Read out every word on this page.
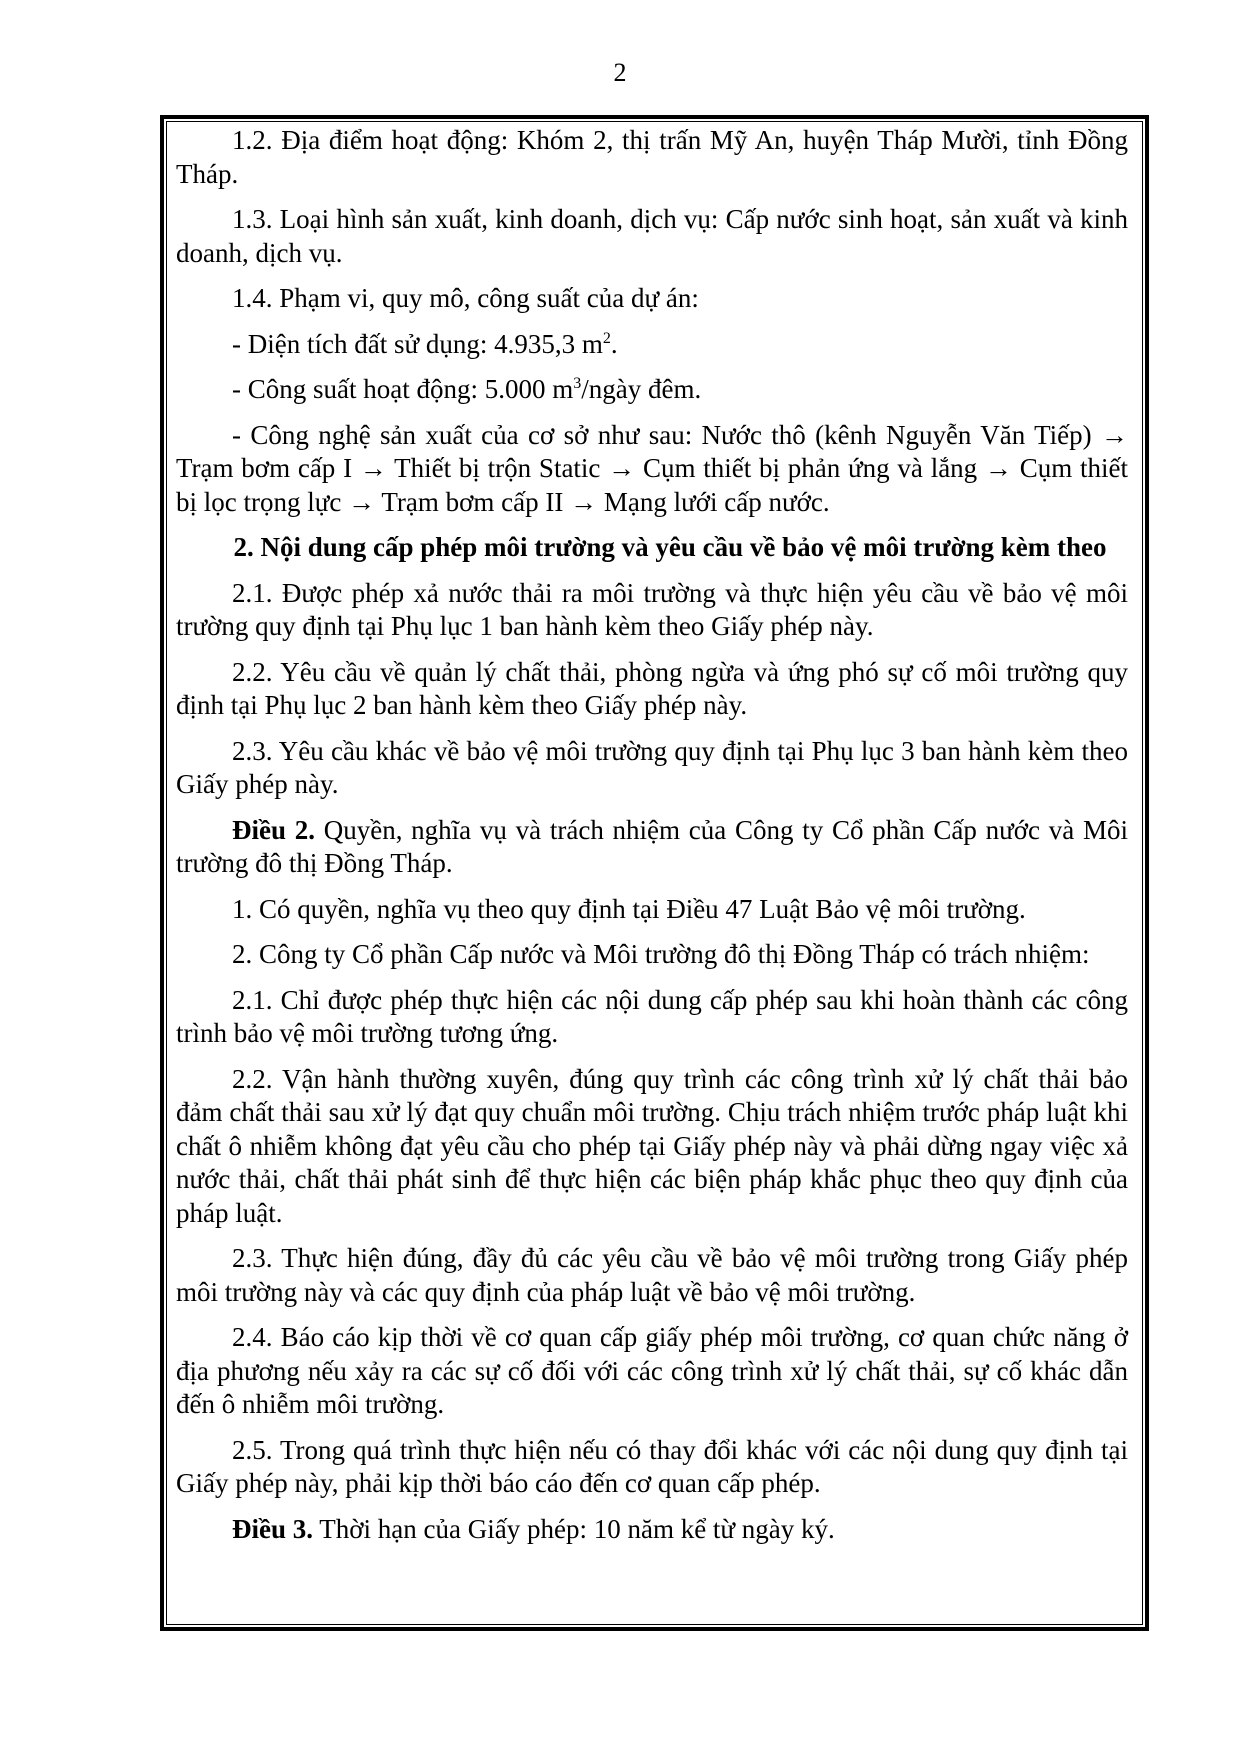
2

1.2. Địa điểm hoạt động: Khóm 2, thị trấn Mỹ An, huyện Tháp Mười, tỉnh Đồng Tháp.

1.3. Loại hình sản xuất, kinh doanh, dịch vụ: Cấp nước sinh hoạt, sản xuất và kinh doanh, dịch vụ.

1.4. Phạm vi, quy mô, công suất của dự án:

- Diện tích đất sử dụng: 4.935,3 $m^2$.

- Công suất hoạt động: 5.000 $m^3$/ngày đêm.

- Công nghệ sản xuất của cơ sở như sau: Nước thô (kênh Nguyễn Văn Tiếp) → Trạm bơm cấp I → Thiết bị trộn Static → Cụm thiết bị phản ứng và lắng → Cụm thiết bị lọc trọng lực → Trạm bơm cấp II → Mạng lưới cấp nước.

2. Nội dung cấp phép môi trường và yêu cầu về bảo vệ môi trường kèm theo

2.1. Được phép xả nước thải ra môi trường và thực hiện yêu cầu về bảo vệ môi trường quy định tại Phụ lục 1 ban hành kèm theo Giấy phép này.

2.2. Yêu cầu về quản lý chất thải, phòng ngừa và ứng phó sự cố môi trường quy định tại Phụ lục 2 ban hành kèm theo Giấy phép này.

2.3. Yêu cầu khác về bảo vệ môi trường quy định tại Phụ lục 3 ban hành kèm theo Giấy phép này.

Điều 2. Quyền, nghĩa vụ và trách nhiệm của Công ty Cổ phần Cấp nước và Môi trường đô thị Đồng Tháp.

1. Có quyền, nghĩa vụ theo quy định tại Điều 47 Luật Bảo vệ môi trường.

2. Công ty Cổ phần Cấp nước và Môi trường đô thị Đồng Tháp có trách nhiệm:

2.1. Chỉ được phép thực hiện các nội dung cấp phép sau khi hoàn thành các công trình bảo vệ môi trường tương ứng.

2.2. Vận hành thường xuyên, đúng quy trình các công trình xử lý chất thải bảo đảm chất thải sau xử lý đạt quy chuẩn môi trường. Chịu trách nhiệm trước pháp luật khi chất ô nhiễm không đạt yêu cầu cho phép tại Giấy phép này và phải dừng ngay việc xả nước thải, chất thải phát sinh để thực hiện các biện pháp khắc phục theo quy định của pháp luật.

2.3. Thực hiện đúng, đầy đủ các yêu cầu về bảo vệ môi trường trong Giấy phép môi trường này và các quy định của pháp luật về bảo vệ môi trường.

2.4. Báo cáo kịp thời về cơ quan cấp giấy phép môi trường, cơ quan chức năng ở địa phương nếu xảy ra các sự cố đối với các công trình xử lý chất thải, sự cố khác dẫn đến ô nhiễm môi trường.

2.5. Trong quá trình thực hiện nếu có thay đổi khác với các nội dung quy định tại Giấy phép này, phải kịp thời báo cáo đến cơ quan cấp phép.

Điều 3. Thời hạn của Giấy phép: 10 năm kể từ ngày ký.
